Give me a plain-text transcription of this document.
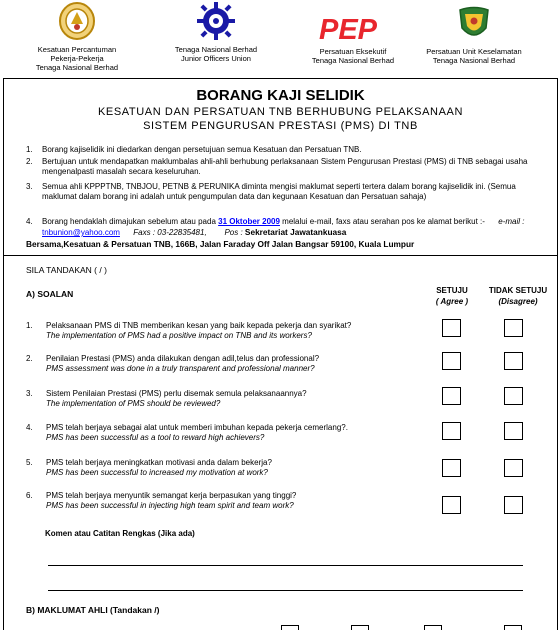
Kesatuan Percantuman
Pekerja-Pekerja
Tenaga Nasional Berhad
Tenaga Nasional Berhad
Junior Officers Union
PEP
Persatuan Eksekutif
Tenaga Nasional Berhad
Persatuan Unit Keselamatan
Tenaga Nasional Berhad
BORANG KAJI SELIDIK
KESATUAN DAN PERSATUAN TNB BERHUBUNG PELAKSANAAN
SISTEM PENGURUSAN PRESTASI (PMS) DI TNB
1. Borang kajiselidik ini diedarkan dengan persetujuan semua Kesatuan dan Persatuan TNB.
2. Bertujuan untuk mendapatkan maklumbalas ahli-ahli berhubung perlaksanaan Sistem Pengurusan Prestasi (PMS) di TNB sebagai usaha mengenalpasti masalah secara keseluruhan.
3. Semua ahli KPPPTNB, TNBJOU, PETNB & PERUNIKA diminta mengisi maklumat seperti tertera dalam borang kajiselidik ini. (Semua maklumat dalam borang ini adalah untuk pengumpulan data dan kegunaan Kesatuan dan Persatuan sahaja)
4. Borang hendaklah dimajukan sebelum atau pada 31 Oktober 2009 melalui e-mail, faxs atau serahan pos ke alamat berikut :- e-mail : tnbunion@yahoo.com Faxs : 03-22835481, Pos : Sekretariat Jawatankuasa
Bersama,Kesatuan & Persatuan TNB, 166B, Jalan Faraday Off Jalan Bangsar 59100, Kuala Lumpur
SILA TANDAKAN ( / )
A) SOALAN	SETUJU
( Agree )
TIDAK SETUJU
(Disagree)
1. Pelaksanaan PMS di TNB memberikan kesan yang baik kepada pekerja dan syarikat?
The implementation of PMS had a positive impact on TNB and its workers?
2. Penilaian Prestasi (PMS) anda dilakukan dengan adil,telus dan professional?
PMS assessment was done in a truly transparent and professional manner?
3. Sistem Penilaian Prestasi (PMS) perlu disemak semula pelaksanaannya?
The implementation of PMS should be reviewed?
4. PMS telah berjaya sebagai alat untuk memberi imbuhan kepada pekerja cemerlang?.
PMS has been successful as a tool to reward high achievers?
5. PMS telah berjaya meningkatkan motivasi anda dalam bekerja?
PMS has been successful to increased my motivation at work?
6. PMS telah berjaya menyuntik semangat kerja berpasukan yang tinggi?
PMS has been successful in injecting high team spirit and team work?
Komen atau Catitan Rengkas (Jika ada)
B) MAKLUMAT AHLI (Tandakan /)
